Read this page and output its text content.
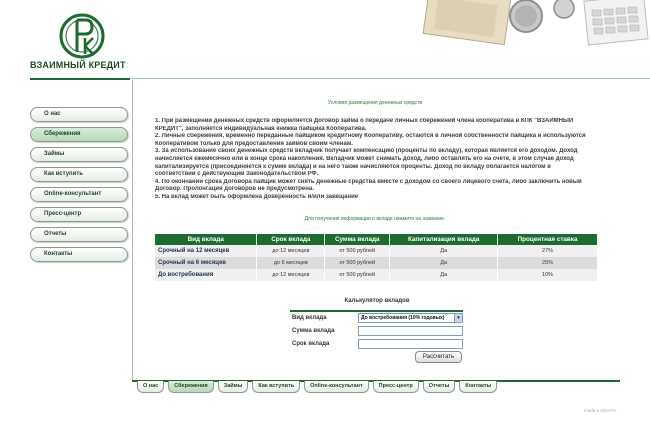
ВЗАИМНЫЙ КРЕДИТ
О нас
Сбережения
Займы
Как вступить
Online-консультант
Пресс-центр
Отчеты
Контакты
Условия размещения денежных средств

1. При размещении денежных средств оформляется Договор займа о передаче личных сбережений члена кооператива в КПК "ВЗАИМНЫЙ

КРЕДИТ", заполняется индивидуальная книжка пайщика Кооператива.

2. Личные сбережения, временно переданные пайщиком кредитному Кооперативу, остаются в личной собственности пайщика и используются

Кооперативом только для предоставления займов своим членам.

3. За использование своих денежных средств вкладчик получает компенсацию (проценты по вкладу), которая является его доходом. Доход

начисляется ежемесячно или в конце срока накопления. Вкладчик может снимать доход, либо оставлять его на счете, в этом случае доход

капитализируется (присоединяется к сумме вклада) и на него также начисляются проценты. Доход по вкладу облагается налогом в

соответствии с действующим Законодательством РФ.

4. По окончании срока Договора пайщик может снять денежные средства вместе с доходом со своего лицевого счета, либо заключить новый

Договор. Пролонгация договоров не предусмотрена.

5. На вклад может быть оформлена доверенность и/или завещание

Для получения информации о вкладе нажмите на название.
Вид вклада	Срок вклада	Сумма вклада	Капитализация вклада	Процентная ставка
Срочный на 12 месяцев	до 12 месяцев	от 500 рублей	Да	27%
Срочный на 6 месяцев	до 6 месяцев	от 500 рублей	Да	25%
До востребования	до 12 месяцев	от 500 рублей	Да	10%
Калькулятор вкладов
Вид вклада	До востребования (10% годовых)	▾
Сумма вклада
Срок вклада
Рассчитать
О нас	Сбережения	Займы	Как вступить	Online-консультант	Пресс-центр	Отчеты	Контакты
made в ADVITA
